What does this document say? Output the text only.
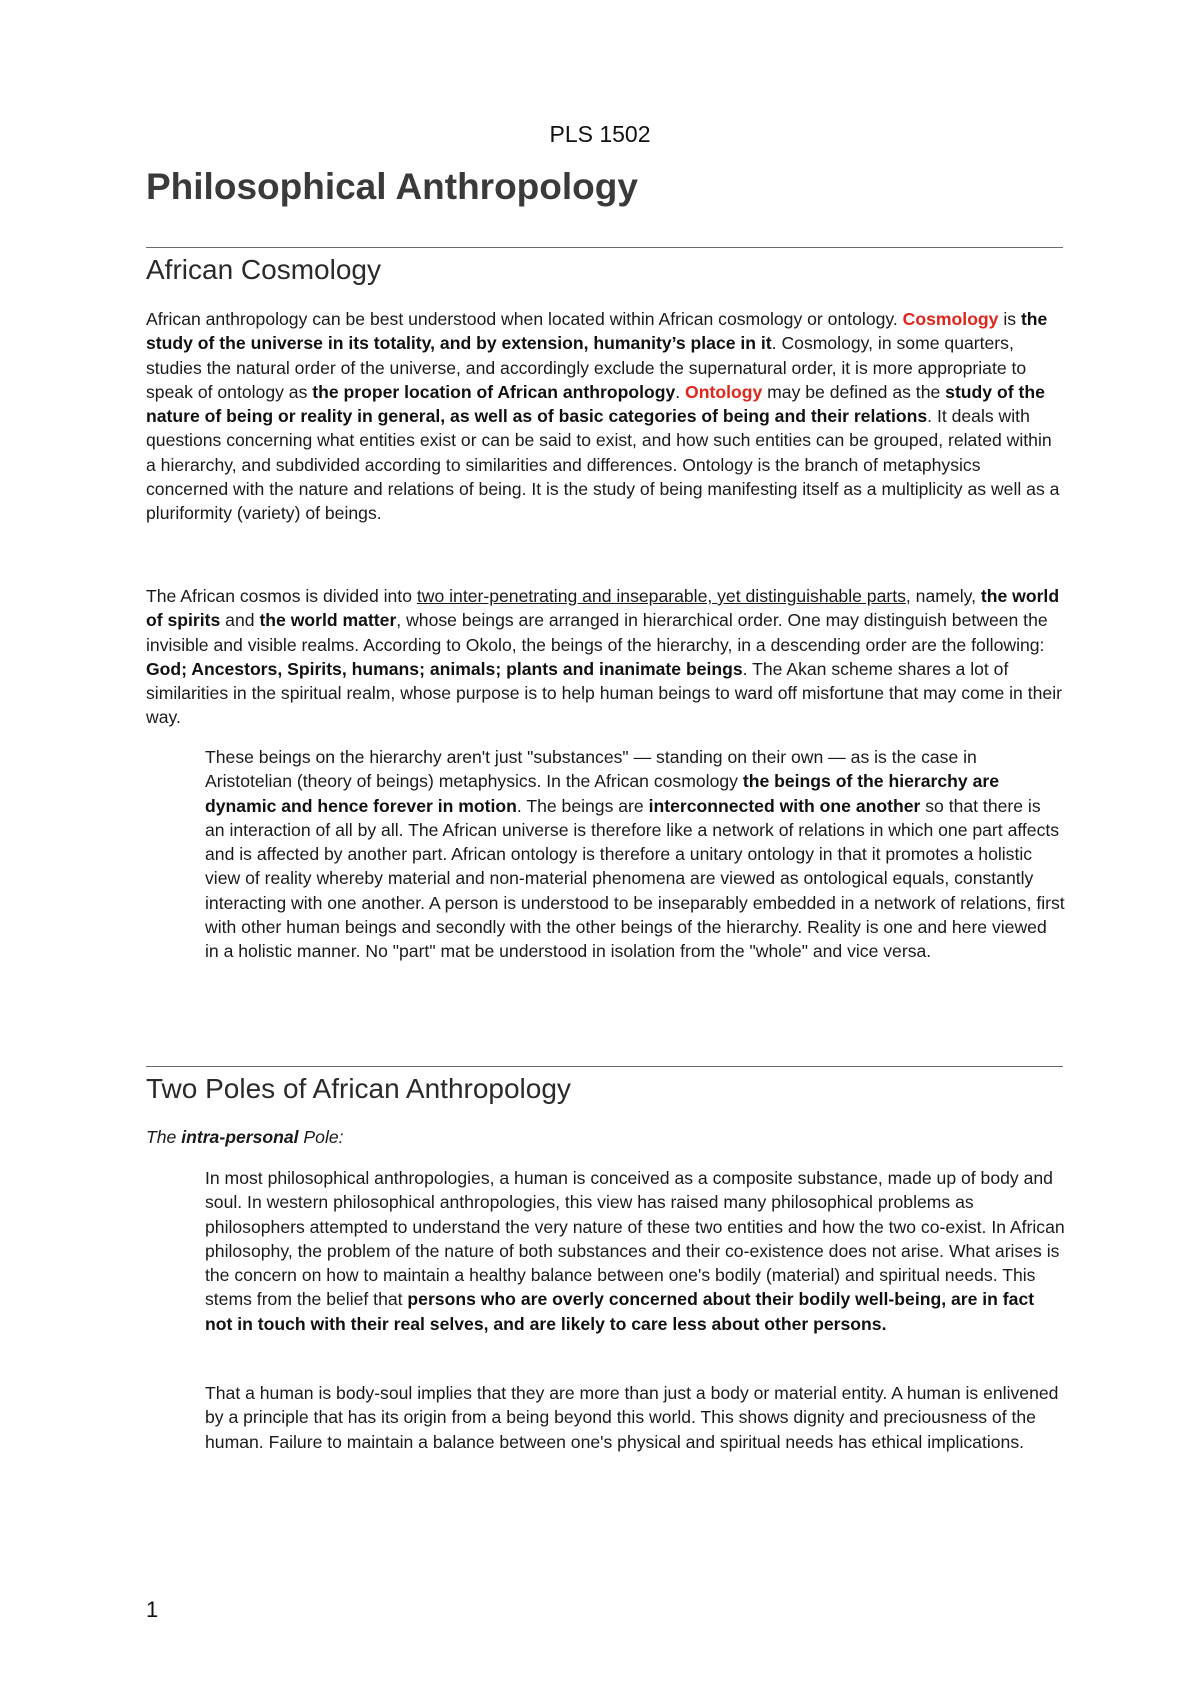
PLS 1502
Philosophical Anthropology
African Cosmology

African anthropology can be best understood when located within African cosmology or ontology. Cosmology is the study of the universe in its totality, and by extension, humanity’s place in it. Cosmology, in some quarters, studies the natural order of the universe, and accordingly exclude the supernatural order, it is more appropriate to speak of ontology as the proper location of African anthropology. Ontology may be defined as the study of the nature of being or reality in general, as well as of basic categories of being and their relations. It deals with questions concerning what entities exist or can be said to exist, and how such entities can be grouped, related within a hierarchy, and subdivided according to similarities and differences. Ontology is the branch of metaphysics concerned with the nature and relations of being. It is the study of being manifesting itself as a multiplicity as well as a pluriformity (variety) of beings.

The African cosmos is divided into two inter-penetrating and inseparable, yet distinguishable parts, namely, the world of spirits and the world matter, whose beings are arranged in hierarchical order. One may distinguish between the invisible and visible realms. According to Okolo, the beings of the hierarchy, in a descending order are the following: God; Ancestors, Spirits, humans; animals; plants and inanimate beings. The Akan scheme shares a lot of similarities in the spiritual realm, whose purpose is to help human beings to ward off misfortune that may come in their way.

These beings on the hierarchy aren't just "substances" — standing on their own — as is the case in Aristotelian (theory of beings) metaphysics. In the African cosmology the beings of the hierarchy are dynamic and hence forever in motion. The beings are interconnected with one another so that there is an interaction of all by all. The African universe is therefore like a network of relations in which one part affects and is affected by another part. African ontology is therefore a unitary ontology in that it promotes a holistic view of reality whereby material and non-material phenomena are viewed as ontological equals, constantly interacting with one another. A person is understood to be inseparably embedded in a network of relations, first with other human beings and secondly with the other beings of the hierarchy. Reality is one and here viewed in a holistic manner. No "part" mat be understood in isolation from the "whole" and vice versa.

Two Poles of African Anthropology
The intra-personal Pole:

In most philosophical anthropologies, a human is conceived as a composite substance, made up of body and soul. In western philosophical anthropologies, this view has raised many philosophical problems as philosophers attempted to understand the very nature of these two entities and how the two co-exist. In African philosophy, the problem of the nature of both substances and their co-existence does not arise. What arises is the concern on how to maintain a healthy balance between one's bodily (material) and spiritual needs. This stems from the belief that persons who are overly concerned about their bodily well-being, are in fact not in touch with their real selves, and are likely to care less about other persons.

That a human is body-soul implies that they are more than just a body or material entity. A human is enlivened by a principle that has its origin from a being beyond this world. This shows dignity and preciousness of the human. Failure to maintain a balance between one's physical and spiritual needs has ethical implications.

1
